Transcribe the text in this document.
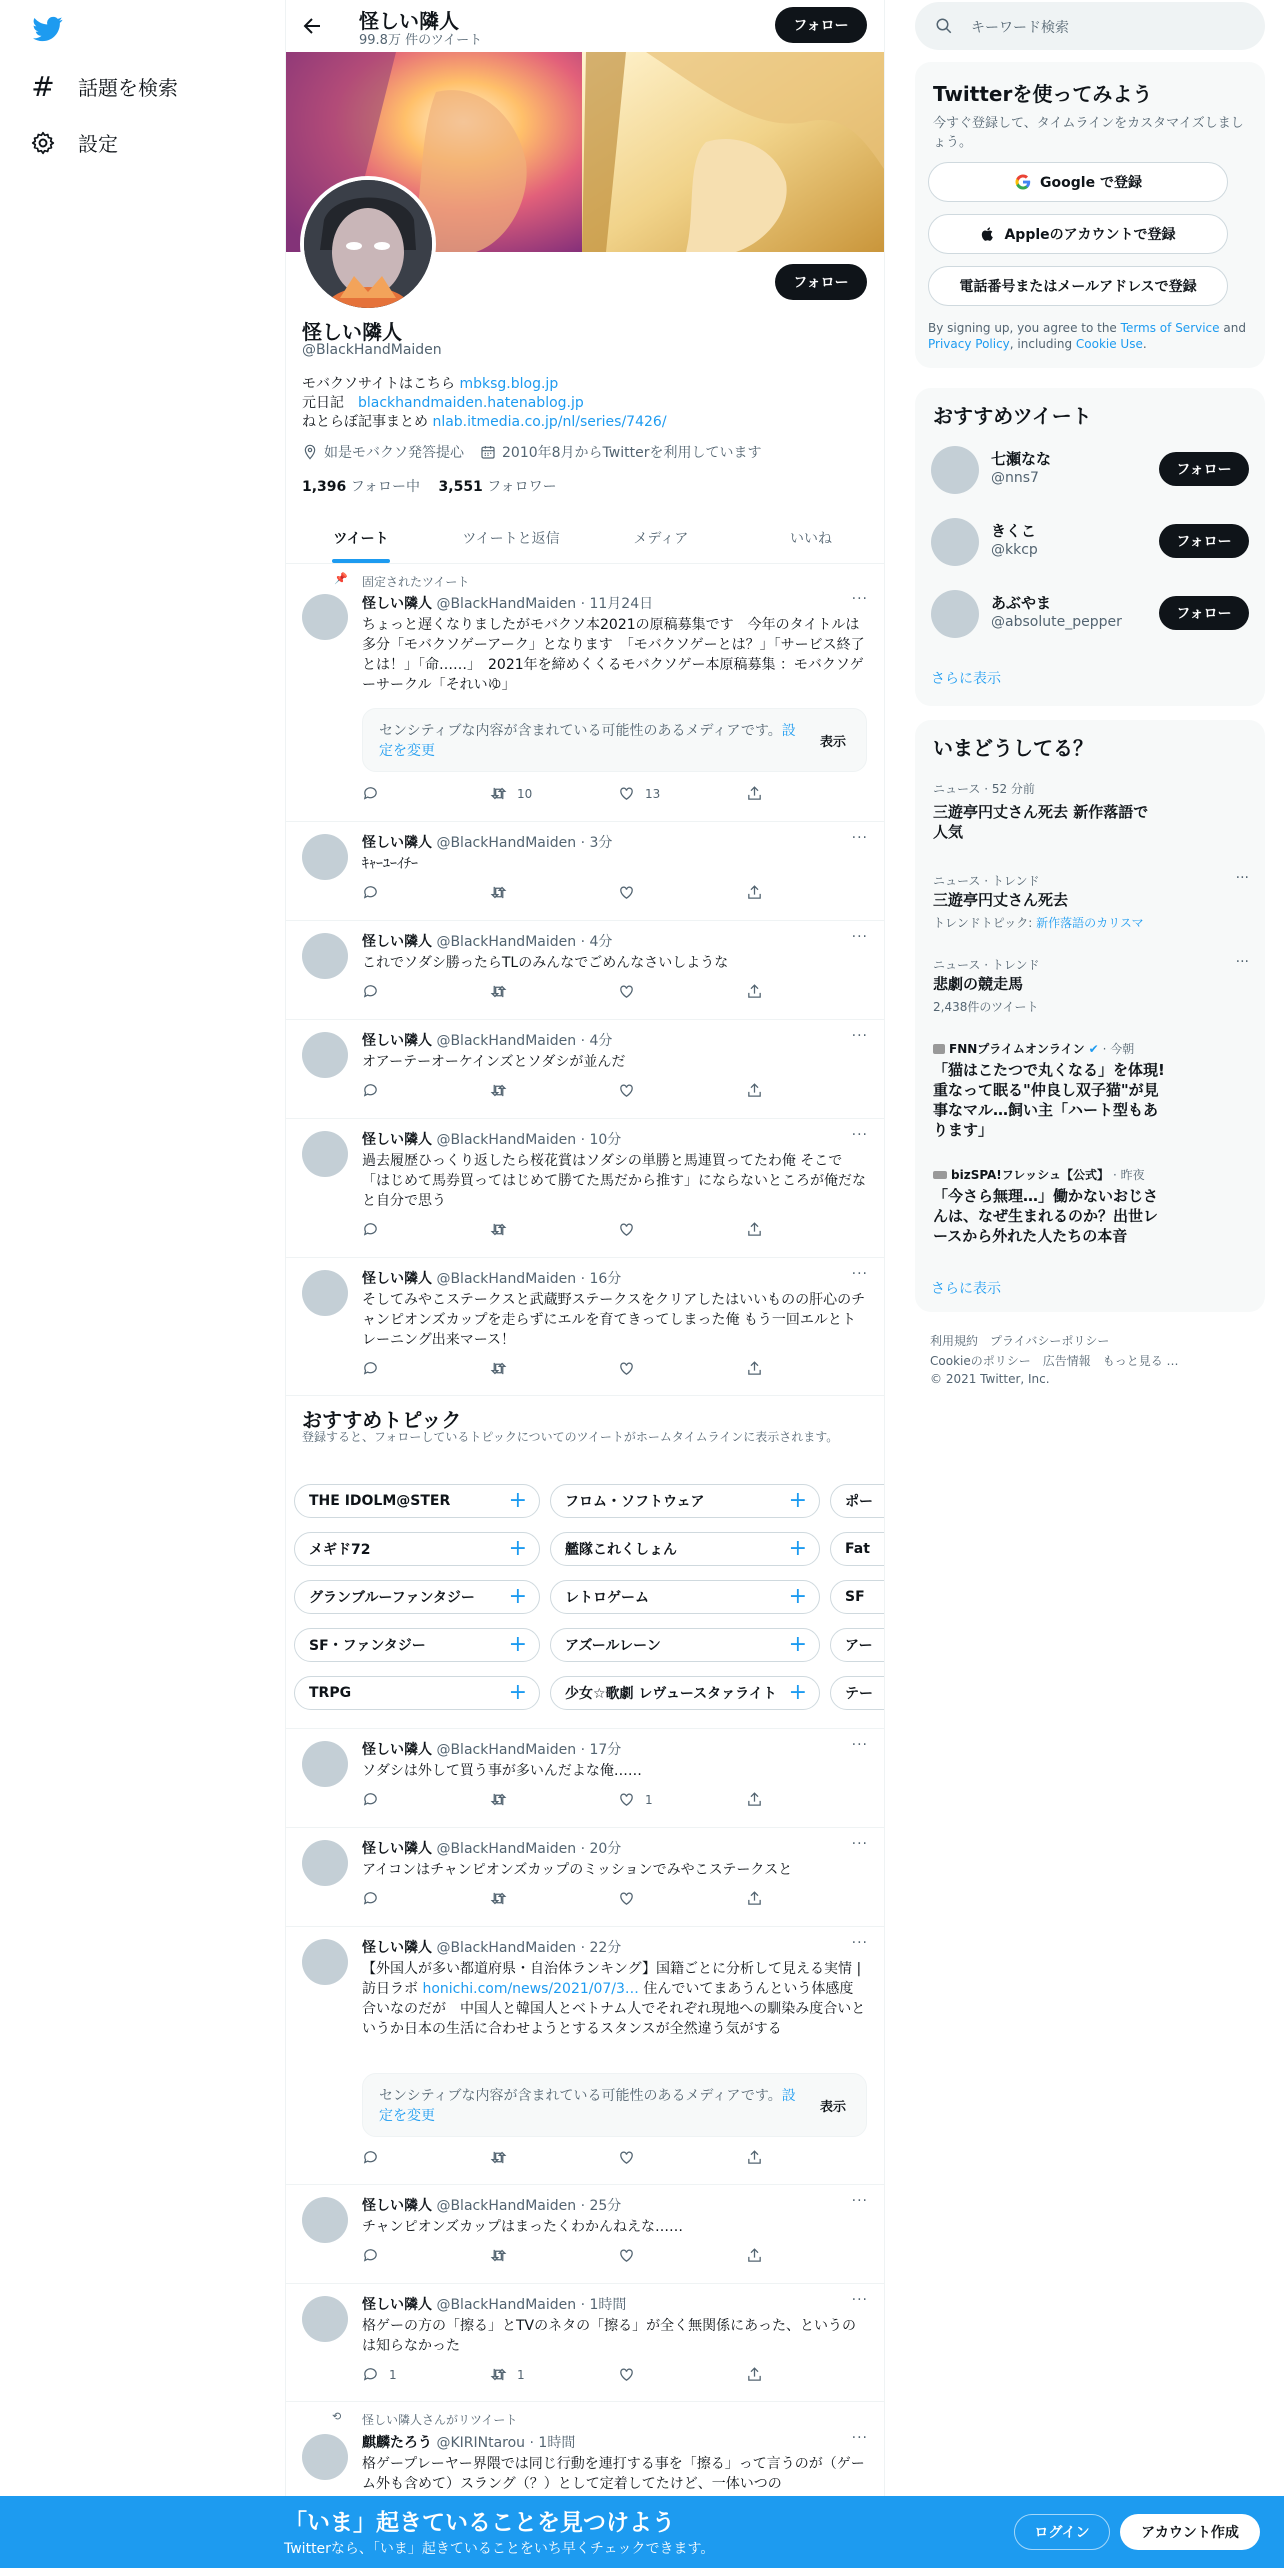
# 話題を検索
設定
怪しい隣人
99.8万 件のツイート
フォロー
フォロー
怪しい隣人
@BlackHandMaiden
モバクソサイトはこちら mbksg.blog.jp
元日記　 blackhandmaiden.hatenablog.jp
ねとらぼ記事まとめ nlab.itmedia.co.jp/nl/series/7426/
如是モバクソ発答提心	2010年8月からTwitterを利用しています
1,396 フォロー中 　 3,551 フォロワー
ツイート	ツイートと返信	メディア	いいね
📌 固定されたツイート
怪しい隣人 @BlackHandMaiden · 11月24日	···
ちょっと遅くなりましたがモバクソ本2021の原稿募集です　今年のタイトルは多分「モバクソゲーアーク」となります　「モバクソゲーとは？」「サービス終了とは！」「命……」　2021年を締めくくるモバクソゲー本原稿募集 ：モバクソゲーサークル「それいゆ」
センシティブな内容が含まれている可能性のあるメディアです。設定を変更
表示
10	13
怪しい隣人 @BlackHandMaiden · 3分	···
ｷｬｰﾕｰｲﾁｰ
怪しい隣人 @BlackHandMaiden · 4分	···
これでソダシ勝ったらTLのみんなでごめんなさいしような
怪しい隣人 @BlackHandMaiden · 4分	···
オアーテーオーケインズとソダシが並んだ
怪しい隣人 @BlackHandMaiden · 10分	···
過去履歴ひっくり返したら桜花賞はソダシの単勝と馬連買ってたわ俺 そこで「はじめて馬券買ってはじめて勝てた馬だから推す」にならないところが俺だなと自分で思う
怪しい隣人 @BlackHandMaiden · 16分	···
そしてみやこステークスと武蔵野ステークスをクリアしたはいいものの肝心のチャンピオンズカップを走らずにエルを育てきってしまった俺 もう一回エルとトレーニング出来マース！
おすすめトピック
登録すると、フォローしているトピックについてのツイートがホームタイムラインに表示されます。
THE IDOLM@STER	+	フロム・ソフトウェア	+	ポー
メギド72	+	艦隊これくしょん	+	Fat
グランブルーファンタジー +	レトロゲーム	+	SF
SF・ファンタジー	+	アズールレーン	+	アー
TRPG	+	少女☆歌劇 レヴュースタァライト +	テー
怪しい隣人 @BlackHandMaiden · 17分	···
ソダシは外して買う事が多いんだよな俺……
1
怪しい隣人 @BlackHandMaiden · 20分	···
アイコンはチャンピオンズカップのミッションでみやこステークスと
怪しい隣人 @BlackHandMaiden · 22分	···
【外国人が多い都道府県・自治体ランキング】国籍ごとに分析して見える実情 | 訪日ラボ honichi.com/news/2021/07/3… 住んでいてまあうんという体感度合いなのだが　中国人と韓国人とベトナム人でそれぞれ現地への馴染み度合いというか日本の生活に合わせようとするスタンスが全然違う気がする
センシティブな内容が含まれている可能性のあるメディアです。設定を変更
表示
怪しい隣人 @BlackHandMaiden · 25分	···
チャンピオンズカップはまったくわかんねえな……
怪しい隣人 @BlackHandMaiden · 1時間	···
格ゲーの方の「擦る」とTVのネタの「擦る」が全く無関係にあった、というのは知らなかった
1	1
⟲ 怪しい隣人さんがリツイート
麒麟たろう @KIRINtarou · 1時間	···
格ゲープレーヤー界隈では同じ行動を連打する事を「擦る」って言うのが（ゲーム外も含めて）スラング（？）として定着してたけど、一体いつの
キーワード検索
Twitterを使ってみよう
今すぐ登録して、タイムラインをカスタマイズしましょう。
Google で登録
Appleのアカウントで登録
電話番号またはメールアドレスで登録
By signing up, you agree to the Terms of Service and Privacy Policy, including Cookie Use.
おすすめツイート
七瀬なな
@nns7	フォロー
きくこ
@kkcp	フォロー
あぶやま
@absolute_pepper	フォロー
さらに表示
いまどうしてる？
ニュース · 52 分前
三遊亭円丈さん死去 新作落語で人気
ニュース · トレンド	···
三遊亭円丈さん死去
トレンドトピック: 新作落語のカリスマ
ニュース · トレンド	···
悲劇の競走馬
2,438件のツイート
FNNプライムオンライン ✔ · 今朝
「猫はこたつで丸くなる」を体現!重なって眠る"仲良し双子猫"が見事なマル…飼い主「ハート型もあります」
bizSPA!フレッシュ【公式】 · 昨夜
「今さら無理…」働かないおじさんは、なぜ生まれるのか？出世レースから外れた人たちの本音
さらに表示
利用規約　プライバシーポリシー
Cookieのポリシー　広告情報　もっと見る …
© 2021 Twitter, Inc.
「いま」起きていることを見つけよう
Twitterなら、「いま」起きていることをいち早くチェックできます。
ログイン	アカウント作成
